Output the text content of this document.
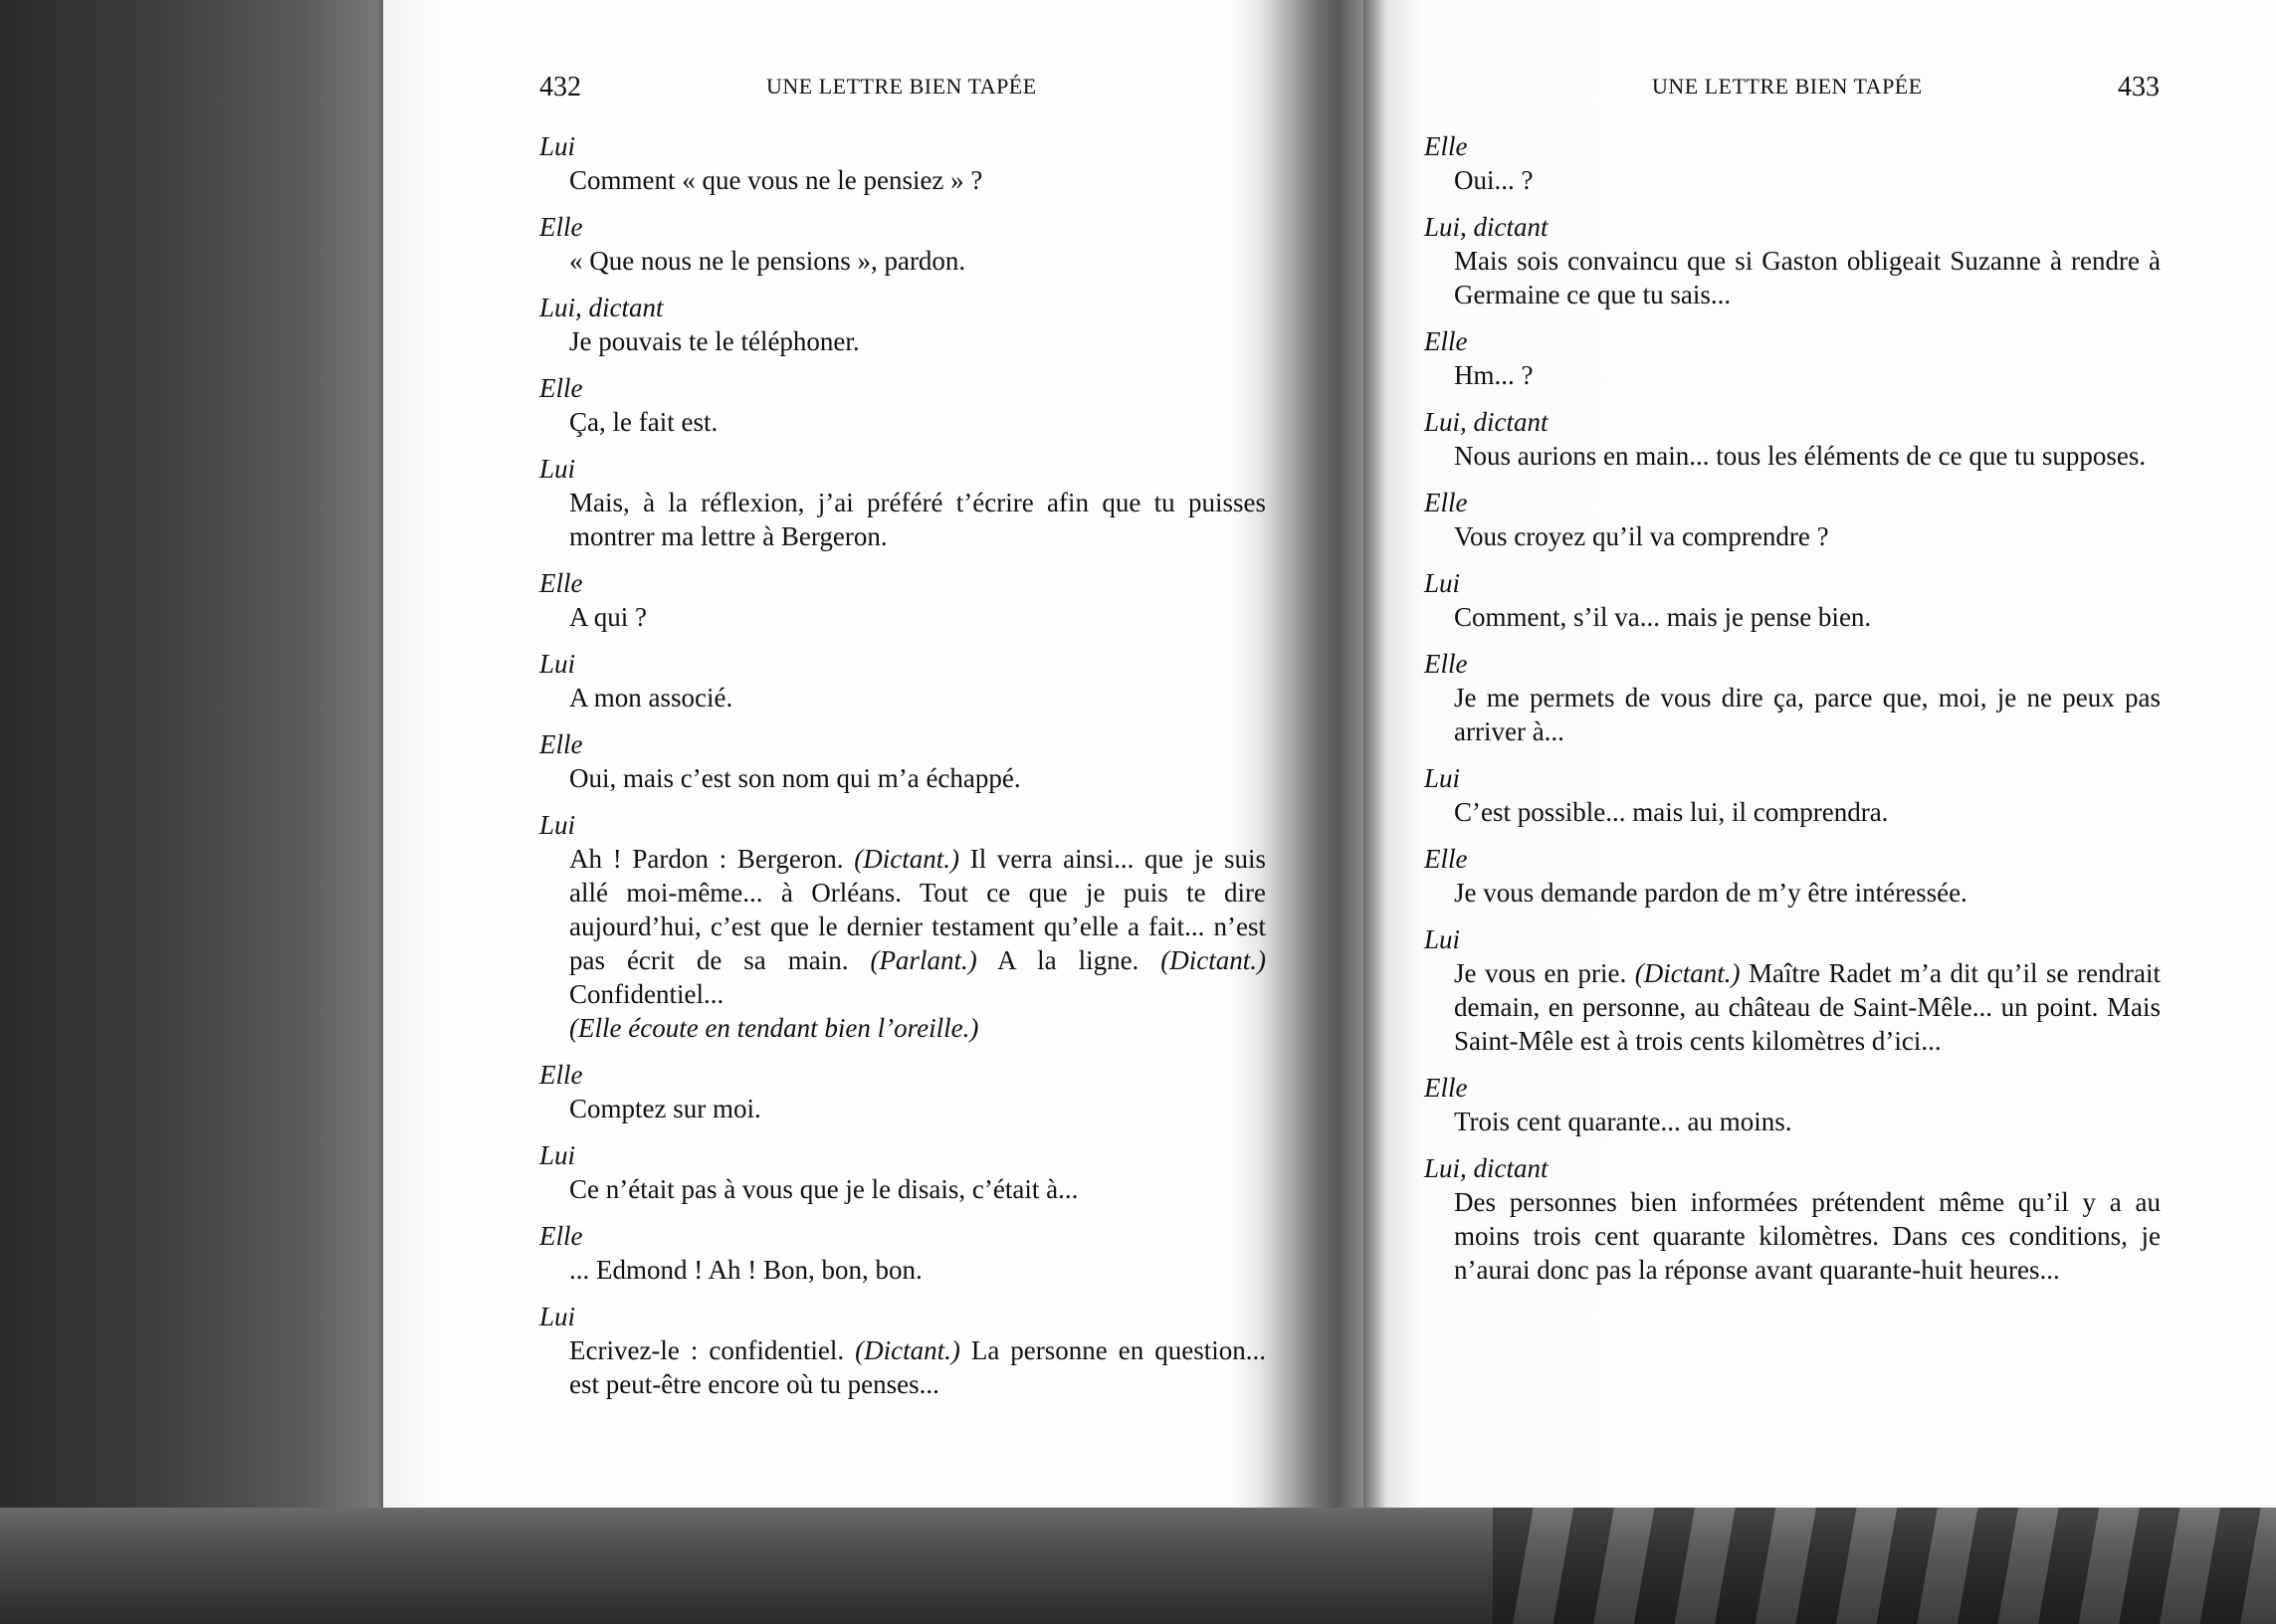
432	UNE LETTRE BIEN TAPÉE

Lui

Comment « que vous ne le pensiez » ?

Elle

« Que nous ne le pensions », pardon.

Lui, dictant

Je pouvais te le téléphoner.

Elle

Ça, le fait est.

Lui

Mais, à la réflexion, j’ai préféré t’écrire afin que tu puisses montrer ma lettre à Bergeron.

Elle

A qui ?

Lui

A mon associé.

Elle

Oui, mais c’est son nom qui m’a échappé.

Lui

Ah ! Pardon : Bergeron. (Dictant.) Il verra ainsi... que je suis allé moi-même... à Orléans. Tout ce que je puis te dire aujourd’hui, c’est que le dernier testament qu’elle a fait... n’est pas écrit de sa main. (Parlant.) A la ligne. (Dictant.) Confidentiel...

(Elle écoute en tendant bien l’oreille.)

Elle

Comptez sur moi.

Lui

Ce n’était pas à vous que je le disais, c’était à...

Elle

... Edmond ! Ah ! Bon, bon, bon.

Lui

Ecrivez-le : confidentiel. (Dictant.) La personne en question... est peut-être encore où tu penses...

UNE LETTRE BIEN TAPÉE	433

Elle

Oui... ?

Lui, dictant

Mais sois convaincu que si Gaston obligeait Suzanne à rendre à Germaine ce que tu sais...

Elle

Hm... ?

Lui, dictant

Nous aurions en main... tous les éléments de ce que tu supposes.

Elle

Vous croyez qu’il va comprendre ?

Lui

Comment, s’il va... mais je pense bien.

Elle

Je me permets de vous dire ça, parce que, moi, je ne peux pas arriver à...

Lui

C’est possible... mais lui, il comprendra.

Elle

Je vous demande pardon de m’y être intéressée.

Lui

Je vous en prie. (Dictant.) Maître Radet m’a dit qu’il se rendrait demain, en personne, au château de Saint-Mêle... un point. Mais Saint-Mêle est à trois cents kilomètres d’ici...

Elle

Trois cent quarante... au moins.

Lui, dictant

Des personnes bien informées prétendent même qu’il y a au moins trois cent quarante kilomètres. Dans ces conditions, je n’aurai donc pas la réponse avant quarante-huit heures...
